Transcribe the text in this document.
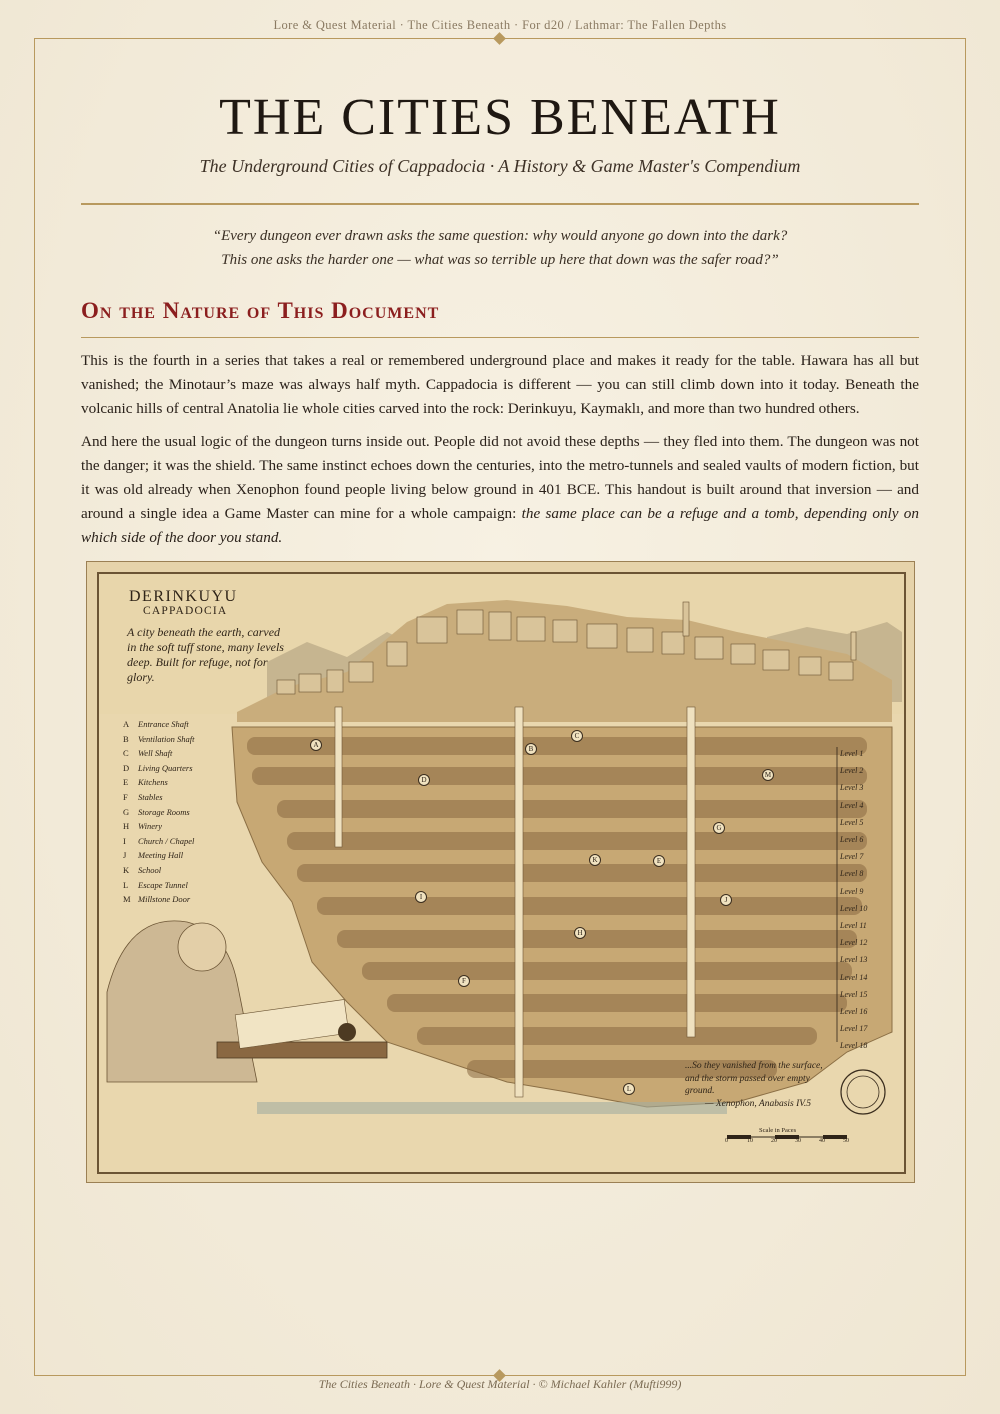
Lore & Quest Material · The Cities Beneath · For d20 / Lathmar: The Fallen Depths
THE CITIES BENEATH
The Underground Cities of Cappadocia · A History & Game Master's Compendium
“Every dungeon ever drawn asks the same question: why would anyone go down into the dark?
This one asks the harder one — what was so terrible up here that down was the safer road?”
On the Nature of This Document

This is the fourth in a series that takes a real or remembered underground place and makes it ready for the table. Hawara has all but vanished; the Minotaur’s maze was always half myth. Cappadocia is different — you can still climb down into it today. Beneath the volcanic hills of central Anatolia lie whole cities carved into the rock: Derinkuyu, Kaymaklı, and more than two hundred others.

And here the usual logic of the dungeon turns inside out. People did not avoid these depths — they fled into them. The dungeon was not the danger; it was the shield. The same instinct echoes down the centuries, into the metro-tunnels and sealed vaults of modern fiction, but it was old already when Xenophon found people living below ground in 401 BCE. This handout is built around that inversion — and around a single idea a Game Master can mine for a whole campaign: the same place can be a refuge and a tomb, depending only on which side of the door you stand.

DERINKUYU
CAPPADOCIA
A city beneath the earth, carved in the soft tuff stone, many levels deep. Built for refuge, not for glory.
A	Entrance Shaft
B	Ventilation Shaft
C	Well Shaft
D	Living Quarters
E	Kitchens
F	Stables
G	Storage Rooms
H	Winery
I	Church / Chapel
J	Meeting Hall
K	School
L	Escape Tunnel
M Millstone Door
Level 1
Level 2
Level 3
Level 4
Level 5
Level 6
Level 7
Level 8
Level 9
Level 10
Level 11
Level 12
Level 13
Level 14
Level 15
Level 16
Level 17
Level 18
A	B
C
D
E
F
G
H
I	J
K
L
M
...So they vanished from the surface, and the storm passed over empty ground.
— Xenophon, Anabasis IV.5
Scale in Paces
0	10	20	30	40	50
The Cities Beneath · Lore & Quest Material · © Michael Kahler (Mufti999)
